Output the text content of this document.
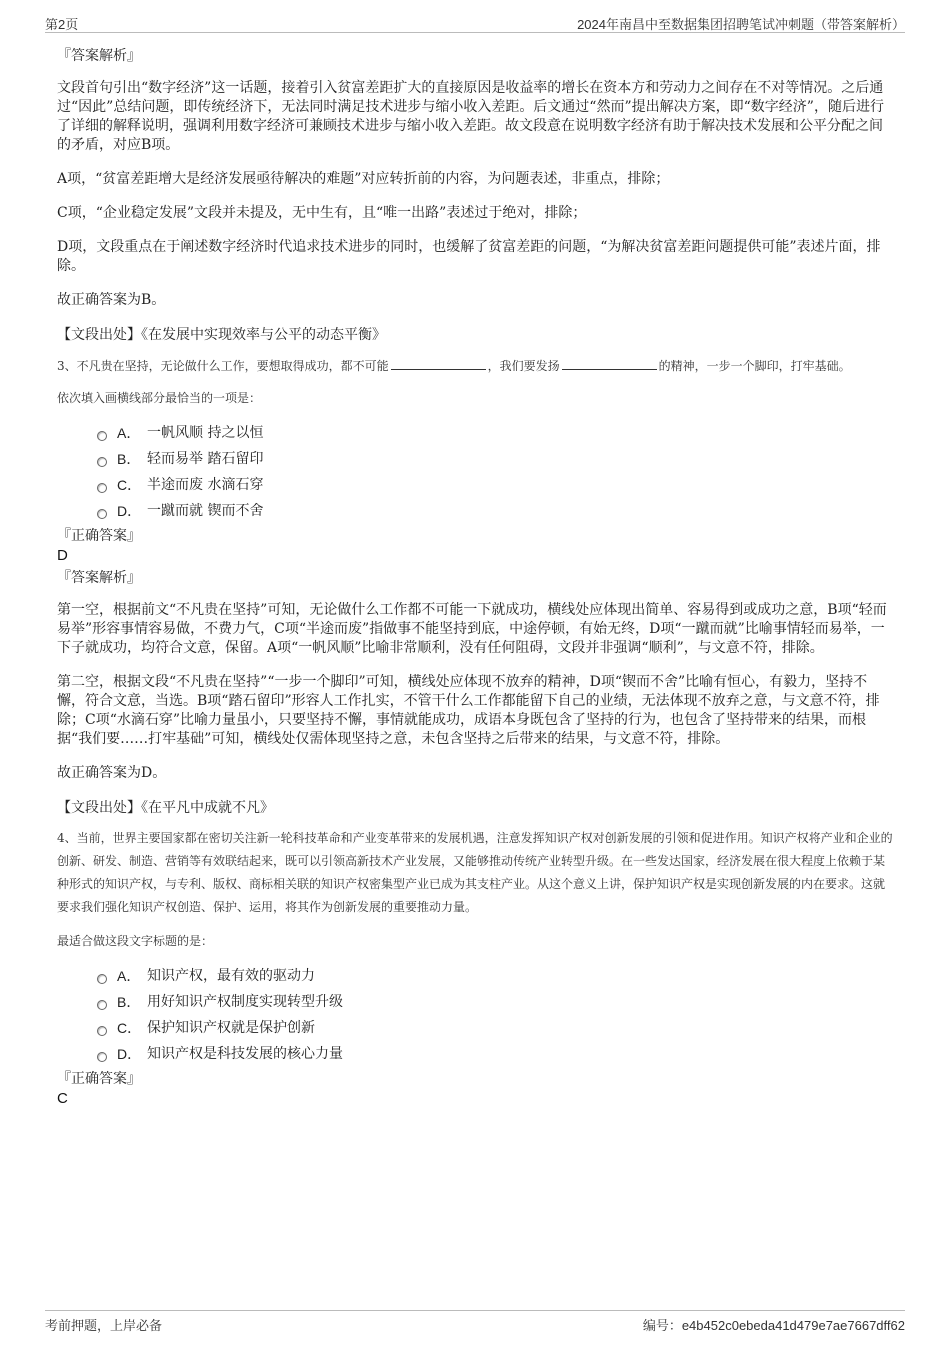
第2页	2024年南昌中至数据集团招聘笔试冲刺题（带答案解析）
『答案解析』

文段首句引出“数字经济”这一话题，接着引入贫富差距扩大的直接原因是收益率的增长在资本方和劳动力之间存在不对等情况。之后通过“因此”总结问题，即传统经济下，无法同时满足技术进步与缩小收入差距。后文通过“然而”提出解决方案，即“数字经济”，随后进行了详细的解释说明，强调利用数字经济可兼顾技术进步与缩小收入差距。故文段意在说明数字经济有助于解决技术发展和公平分配之间的矛盾，对应B项。

A项，“贫富差距增大是经济发展亟待解决的难题”对应转折前的内容，为问题表述，非重点，排除；

C项，“企业稳定发展”文段并未提及，无中生有，且“唯一出路”表述过于绝对，排除；

D项，文段重点在于阐述数字经济时代追求技术进步的同时，也缓解了贫富差距的问题，“为解决贫富差距问题提供可能”表述片面，排除。

故正确答案为B。

【文段出处】《在发展中实现效率与公平的动态平衡》

3、不凡贵在坚持，无论做什么工作，要想取得成功，都不可能	，我们要发扬	的精神，一步一个脚印，打牢基础。
依次填入画横线部分最恰当的一项是：
A． 一帆风顺 持之以恒
B． 轻而易举 踏石留印
C． 半途而废 水滴石穿
D． 一蹴而就 锲而不舍
『正确答案』
D
『答案解析』

第一空，根据前文“不凡贵在坚持”可知，无论做什么工作都不可能一下就成功，横线处应体现出简单、容易得到或成功之意，B项“轻而易举”形容事情容易做，不费力气，C项“半途而废”指做事不能坚持到底，中途停顿，有始无终，D项“一蹴而就”比喻事情轻而易举，一下子就成功，均符合文意，保留。A项“一帆风顺”比喻非常顺利，没有任何阻碍，文段并非强调“顺利”，与文意不符，排除。

第二空，根据文段“不凡贵在坚持”“一步一个脚印”可知，横线处应体现不放弃的精神，D项“锲而不舍”比喻有恒心，有毅力，坚持不懈，符合文意，当选。B项“踏石留印”形容人工作扎实，不管干什么工作都能留下自己的业绩，无法体现不放弃之意，与文意不符，排除；C项“水滴石穿”比喻力量虽小，只要坚持不懈，事情就能成功，成语本身既包含了坚持的行为，也包含了坚持带来的结果，而根据“我们要……打牢基础”可知，横线处仅需体现坚持之意，未包含坚持之后带来的结果，与文意不符，排除。

故正确答案为D。

【文段出处】《在平凡中成就不凡》

4、当前，世界主要国家都在密切关注新一轮科技革命和产业变革带来的发展机遇，注意发挥知识产权对创新发展的引领和促进作用。知识产权将产业和企业的创新、研发、制造、营销等有效联结起来，既可以引领高新技术产业发展，又能够推动传统产业转型升级。在一些发达国家，经济发展在很大程度上依赖于某种形式的知识产权，与专利、版权、商标相关联的知识产权密集型产业已成为其支柱产业。从这个意义上讲，保护知识产权是实现创新发展的内在要求。这就要求我们强化知识产权创造、保护、运用，将其作为创新发展的重要推动力量。
最适合做这段文字标题的是：
A． 知识产权，最有效的驱动力
B． 用好知识产权制度实现转型升级
C． 保护知识产权就是保护创新
D． 知识产权是科技发展的核心力量
『正确答案』
C
考前押题，上岸必备	编号：e4b452c0ebeda41d479e7ae7667dff62
